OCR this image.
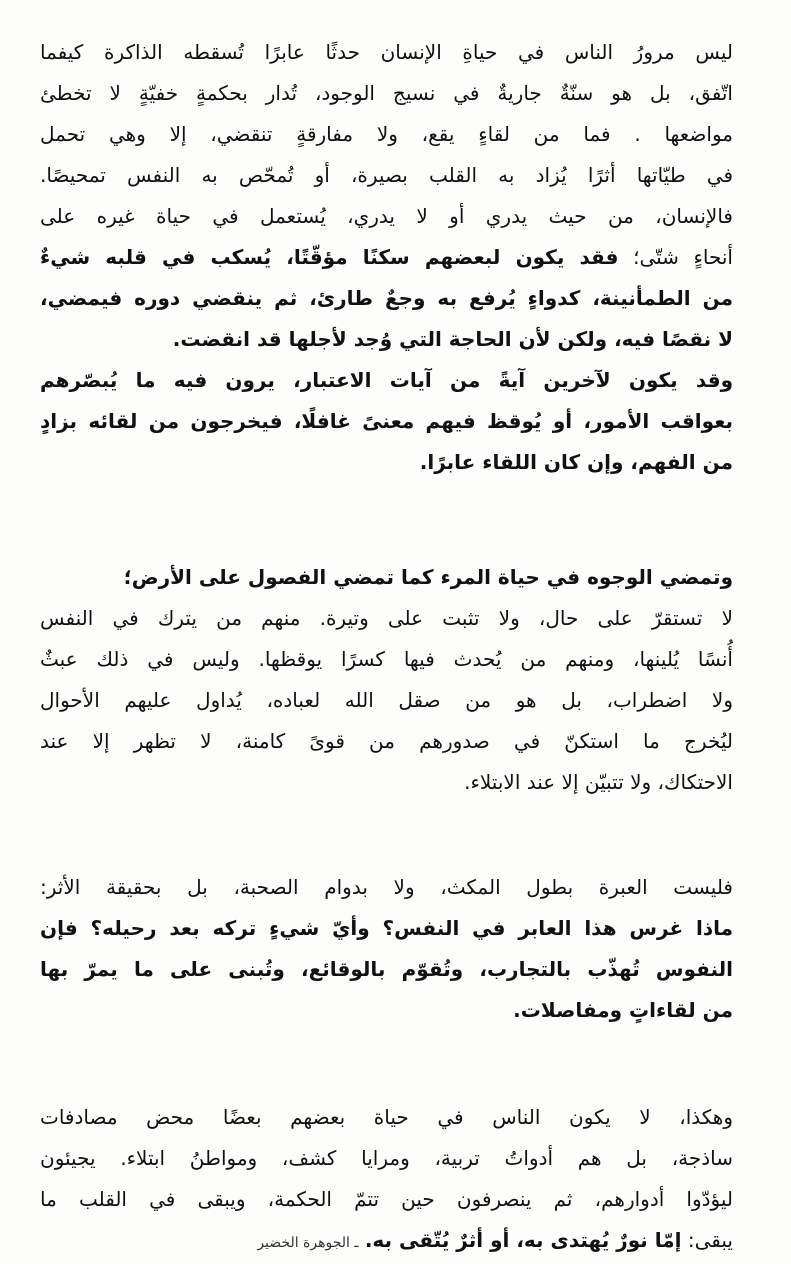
ليس مرورُ الناس في حياةِ الإنسان حدثًا عابرًا تُسقطه الذاكرة كيفما
اتّفق، بل هو سنّةٌ جاريةٌ في نسيج الوجود، تُدار بحكمةٍ خفيّةٍ لا تخطئ
مواضعها . فما من لقاءٍ يقع، ولا مفارقةٍ تنقضي، إلا وهي تحمل
في طيّاتها أثرًا يُزاد به القلب بصيرة، أو تُمحّص به النفس تمحيصًا.
فالإنسان، من حيث يدري أو لا يدري، يُستعمل في حياة غيره على
أنحاءٍ شتّى؛ فقد يكون لبعضهم سكنًا مؤقّتًا، يُسكب في قلبه شيءٌ
من الطمأنينة، كدواءٍ يُرفع به وجعٌ طارئ، ثم ينقضي دوره فيمضي،
لا نقصًا فيه، ولكن لأن الحاجة التي وُجد لأجلها قد انقضت.
وقد يكون لآخرين آيةً من آيات الاعتبار، يرون فيه ما يُبصّرهم
بعواقب الأمور، أو يُوقظ فيهم معنىً غافلًا، فيخرجون من لقائه بزادٍ
من الفهم، وإن كان اللقاء عابرًا.
وتمضي الوجوه في حياة المرء كما تمضي الفصول على الأرض؛
لا تستقرّ على حال، ولا تثبت على وتيرة. منهم من يترك في النفس
أُنسًا يُلينها، ومنهم من يُحدث فيها كسرًا يوقظها. وليس في ذلك عبثٌ
ولا اضطراب، بل هو من صقل الله لعباده، يُداول عليهم الأحوال
ليُخرج ما استكنّ في صدورهم من قوىً كامنة، لا تظهر إلا عند
الاحتكاك، ولا تتبيّن إلا عند الابتلاء.
فليست العبرة بطول المكث، ولا بدوام الصحبة، بل بحقيقة الأثر:
ماذا غرس هذا العابر في النفس؟ وأيّ شيءٍ تركه بعد رحيله؟ فإن
النفوس تُهذّب بالتجارب، وتُقوّم بالوقائع، وتُبنى على ما يمرّ بها
من لقاءاتٍ ومفاصلات.
وهكذا، لا يكون الناس في حياة بعضهم بعضًا محض مصادفات
ساذجة، بل هم أدواتُ تربية، ومرايا كشف، ومواطنُ ابتلاء. يجيئون
ليؤدّوا أدوارهم، ثم ينصرفون حين تتمّ الحكمة، ويبقى في القلب ما
يبقى: إمّا نورٌ يُهتدى به، أو أثرٌ يُتّقى به. ـ الجوهرة الخضير
